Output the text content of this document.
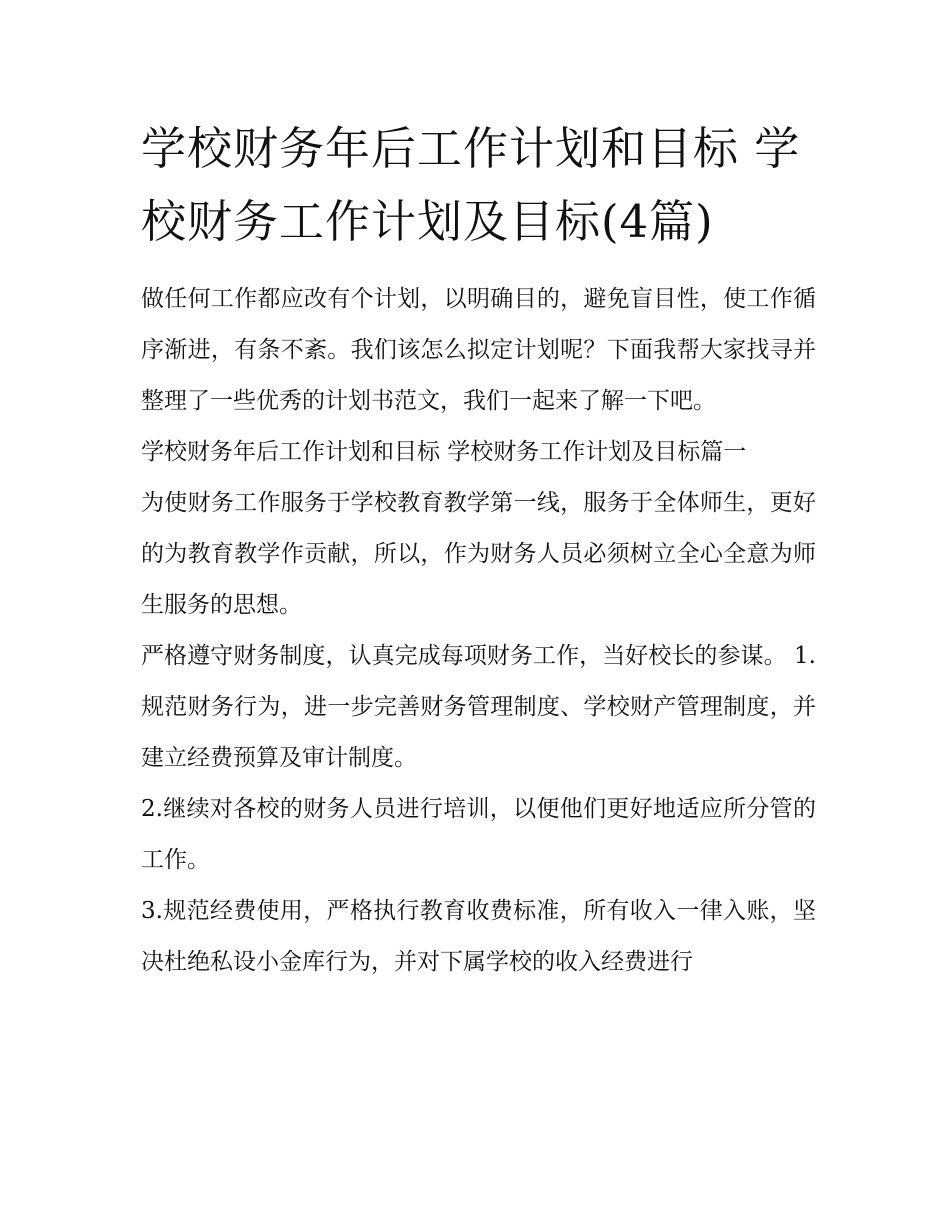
学校财务年后工作计划和目标 学校财务工作计划及目标(4篇)

做任何工作都应改有个计划，以明确目的，避免盲目性，使工作循序渐进，有条不紊。我们该怎么拟定计划呢？下面我帮大家找寻并整理了一些优秀的计划书范文，我们一起来了解一下吧。

学校财务年后工作计划和目标 学校财务工作计划及目标篇一

为使财务工作服务于学校教育教学第一线，服务于全体师生，更好的为教育教学作贡献，所以，作为财务人员必须树立全心全意为师生服务的思想。

严格遵守财务制度，认真完成每项财务工作，当好校长的参谋。 1.规范财务行为，进一步完善财务管理制度、学校财产管理制度，并建立经费预算及审计制度。

2.继续对各校的财务人员进行培训，以便他们更好地适应所分管的工作。

3.规范经费使用，严格执行教育收费标准，所有收入一律入账，坚决杜绝私设小金库行为，并对下属学校的收入经费进行
